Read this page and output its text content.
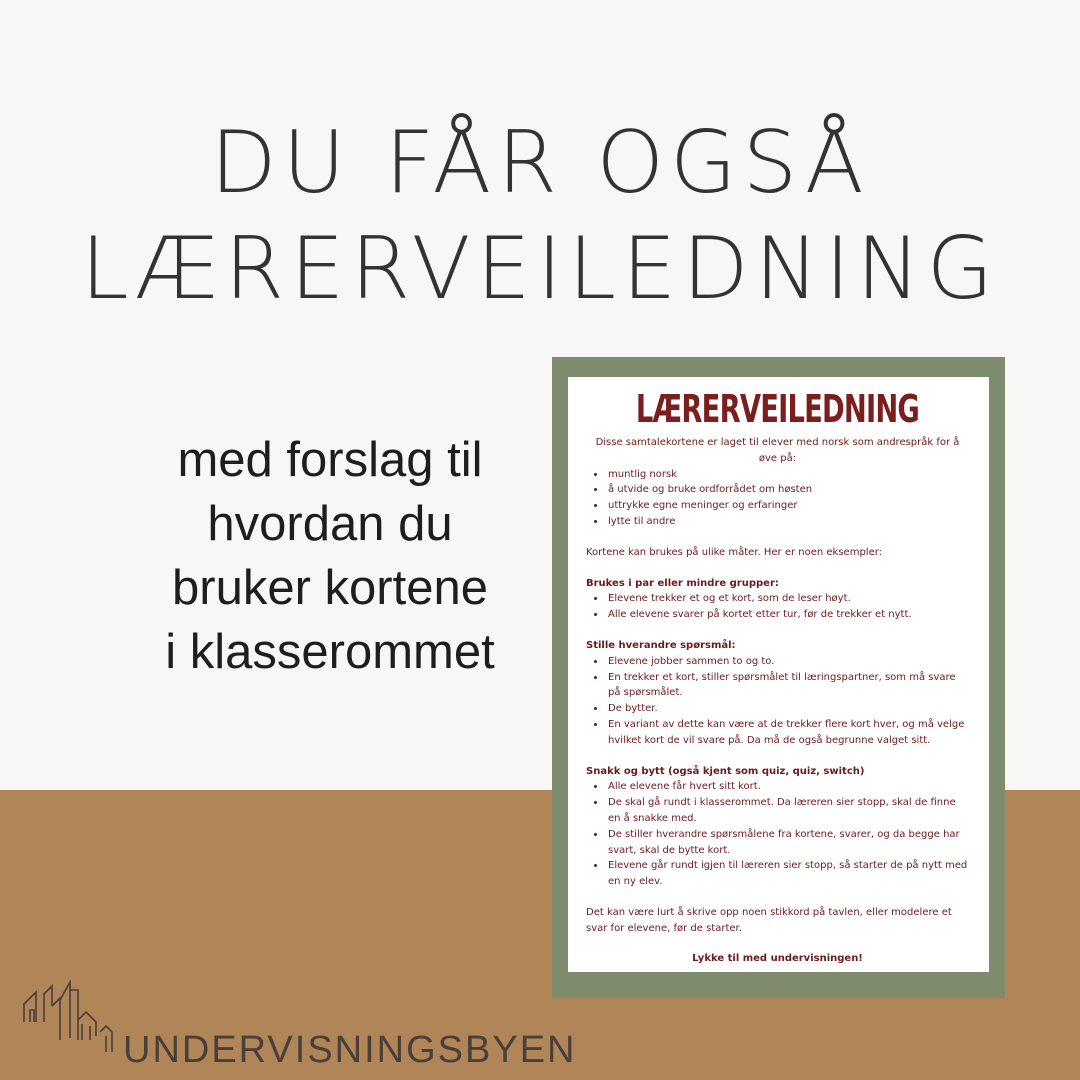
DU FÅR OGSÅ
LÆRERVEILEDNING
med forslag til
hvordan du
bruker kortene
i klasserommet
LÆRERVEILEDNING
Disse samtalekortene er laget til elever med norsk som andrespråk for å øve på:
• muntlig norsk
• å utvide og bruke ordforrådet om høsten
• uttrykke egne meninger og erfaringer
• lytte til andre
Kortene kan brukes på ulike måter. Her er noen eksempler:
Brukes i par eller mindre grupper:
• Elevene trekker et og et kort, som de leser høyt.
• Alle elevene svarer på kortet etter tur, før de trekker et nytt.
Stille hverandre spørsmål:
• Elevene jobber sammen to og to.
• En trekker et kort, stiller spørsmålet til læringspartner, som må svare på spørsmålet.
• De bytter.
• En variant av dette kan være at de trekker flere kort hver, og må velge hvilket kort de vil svare på. Da må de også begrunne valget sitt.
Snakk og bytt (også kjent som quiz, quiz, switch)
• Alle elevene får hvert sitt kort.
• De skal gå rundt i klasserommet. Da læreren sier stopp, skal de finne en å snakke med.
• De stiller hverandre spørsmålene fra kortene, svarer, og da begge har svart, skal de bytte kort.
• Elevene går rundt igjen til læreren sier stopp, så starter de på nytt med en ny elev.
Det kan være lurt å skrive opp noen stikkord på tavlen, eller modelere et svar for elevene, før de starter.
Lykke til med undervisningen!
UNDERVISNINGSBYEN
